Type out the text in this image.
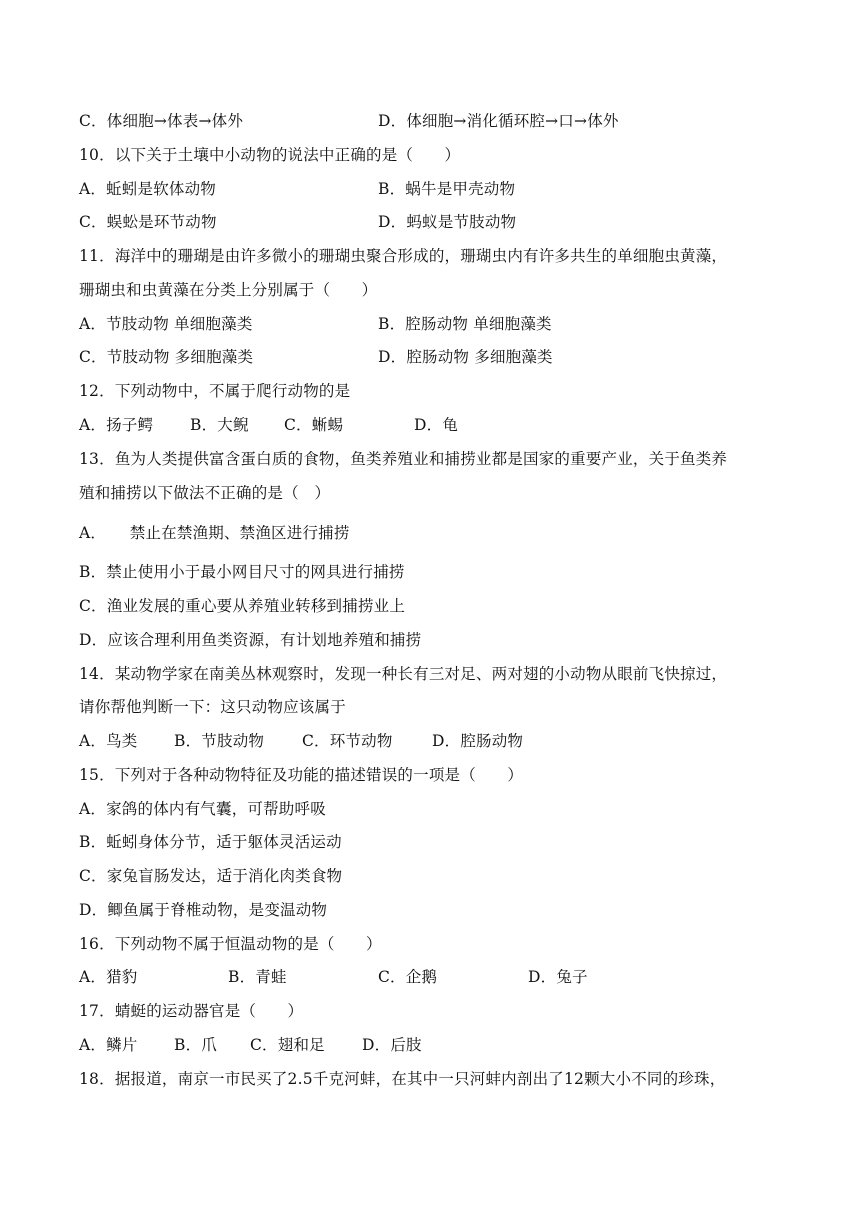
C．体细胞→体表→体外	D．体细胞→消化循环腔→口→体外
10．以下关于土壤中小动物的说法中正确的是（　　）
A．蚯蚓是软体动物	B．蜗牛是甲壳动物
C．蜈蚣是环节动物	D．蚂蚁是节肢动物
11．海洋中的珊瑚是由许多微小的珊瑚虫聚合形成的，珊瑚虫内有许多共生的单细胞虫黄藻，
珊瑚虫和虫黄藻在分类上分别属于（　　）
A．节肢动物 单细胞藻类	B．腔肠动物 单细胞藻类
C．节肢动物 多细胞藻类	D．腔肠动物 多细胞藻类
12．下列动物中，不属于爬行动物的是
A．扬子鳄 B．大鲵 C．蜥蜴	D．龟
13．鱼为人类提供富含蛋白质的食物，鱼类养殖业和捕捞业都是国家的重要产业，关于鱼类养
殖和捕捞以下做法不正确的是（　）
A．　　禁止在禁渔期、禁渔区进行捕捞
B．禁止使用小于最小网目尺寸的网具进行捕捞
C．渔业发展的重心要从养殖业转移到捕捞业上
D．应该合理利用鱼类资源，有计划地养殖和捕捞
14．某动物学家在南美丛林观察时，发现一种长有三对足、两对翅的小动物从眼前飞快掠过，
请你帮他判断一下：这只动物应该属于
A．鸟类 B．节肢动物 C．环节动物	D．腔肠动物
15．下列对于各种动物特征及功能的描述错误的一项是（　　）
A．家鸽的体内有气囊，可帮助呼吸
B．蚯蚓身体分节，适于躯体灵活运动
C．家兔盲肠发达，适于消化肉类食物
D．鲫鱼属于脊椎动物，是变温动物
16．下列动物不属于恒温动物的是（　　）
A．猎豹	B．青蛙	C．企鹅	D．兔子
17．蜻蜓的运动器官是（　　）
A．鳞片 B．爪 C．翅和足 D．后肢
18．据报道，南京一市民买了2.5千克河蚌，在其中一只河蚌内剖出了12颗大小不同的珍珠，
